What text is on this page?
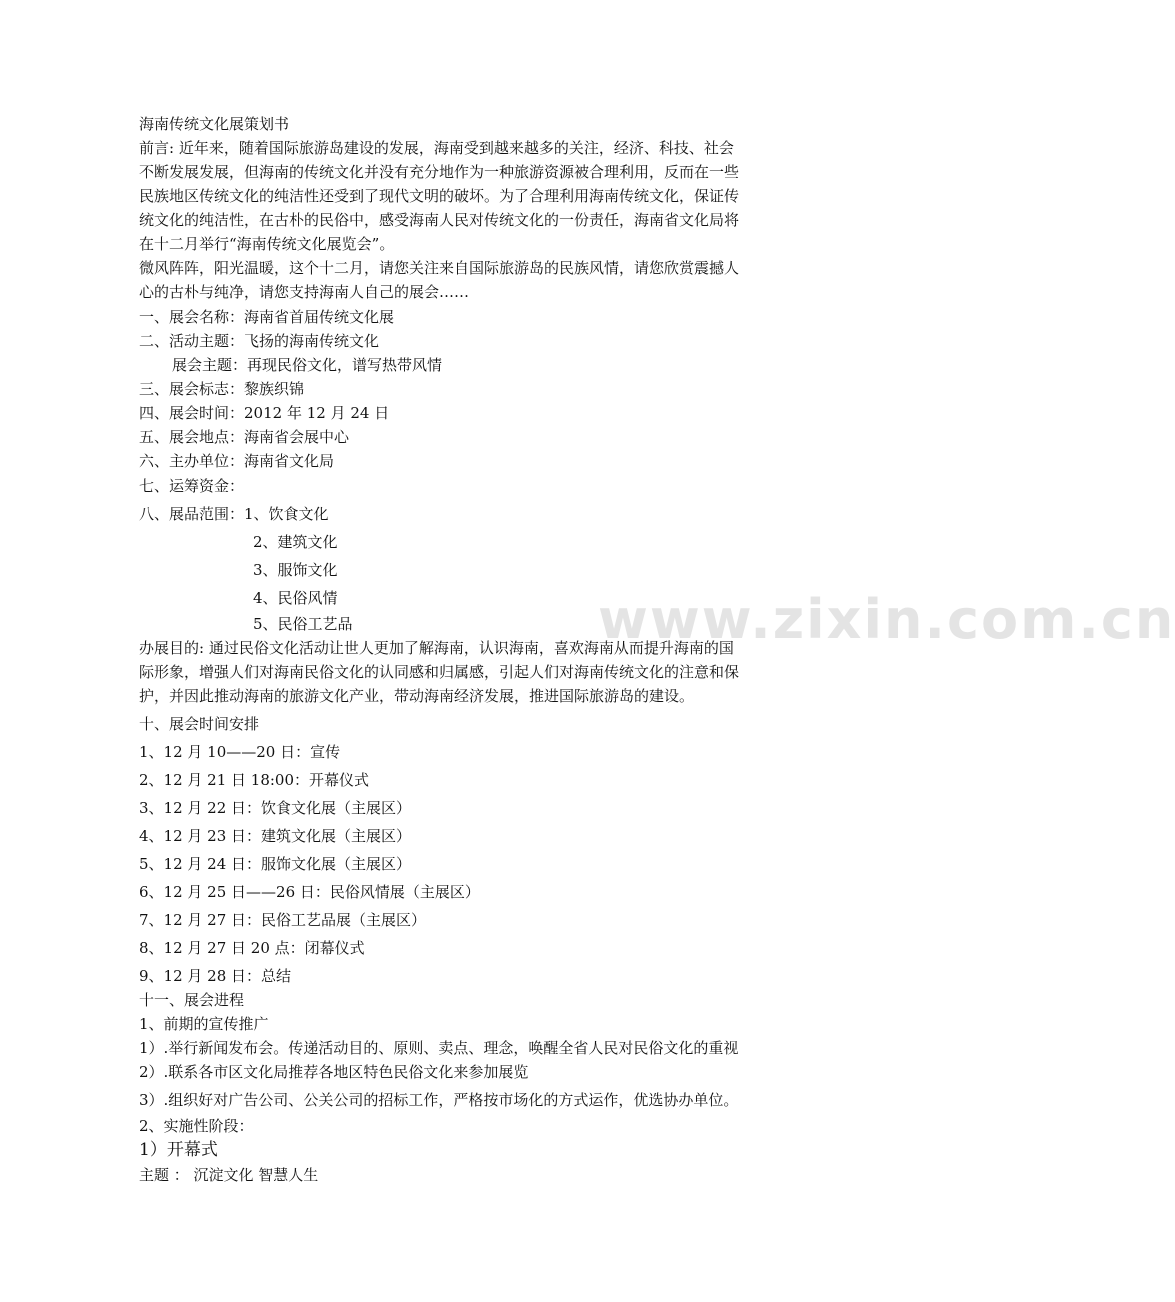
海南传统文化展策划书
前言: 近年来，随着国际旅游岛建设的发展，海南受到越来越多的关注，经济、科技、社会
不断发展发展，但海南的传统文化并没有充分地作为一种旅游资源被合理利用，反而在一些
民族地区传统文化的纯洁性还受到了现代文明的破坏。为了合理利用海南传统文化，保证传
统文化的纯洁性，在古朴的民俗中，感受海南人民对传统文化的一份责任，海南省文化局将
在十二月举行“海南传统文化展览会”。
微风阵阵，阳光温暖，这个十二月，请您关注来自国际旅游岛的民族风情，请您欣赏震撼人
心的古朴与纯净，请您支持海南人自己的展会……
一、展会名称：海南省首届传统文化展
二、活动主题：飞扬的海南传统文化
展会主题：再现民俗文化，谱写热带风情
三、展会标志：黎族织锦
四、展会时间：2012 年 12 月 24 日
五、展会地点：海南省会展中心
六、主办单位：海南省文化局
七、运筹资金：
八、展品范围：1、饮食文化
2、建筑文化
3、服饰文化
4、民俗风情
5、民俗工艺品
办展目的: 通过民俗文化活动让世人更加了解海南，认识海南，喜欢海南从而提升海南的国
际形象，增强人们对海南民俗文化的认同感和归属感，引起人们对海南传统文化的注意和保
护，并因此推动海南的旅游文化产业，带动海南经济发展，推进国际旅游岛的建设。
十、展会时间安排
1、12 月 10——20 日：宣传
2、12 月 21 日 18:00：开幕仪式
3、12 月 22 日：饮食文化展（主展区）
4、12 月 23 日：建筑文化展（主展区）
5、12 月 24 日：服饰文化展（主展区）
6、12 月 25 日——26 日：民俗风情展（主展区）
7、12 月 27 日：民俗工艺品展（主展区）
8、12 月 27 日 20 点：闭幕仪式
9、12 月 28 日：总结
十一、展会进程
1、前期的宣传推广
1）.举行新闻发布会。传递活动目的、原则、卖点、理念，唤醒全省人民对民俗文化的重视
2）.联系各市区文化局推荐各地区特色民俗文化来参加展览
3）.组织好对广告公司、公关公司的招标工作，严格按市场化的方式运作，优选协办单位。
2、实施性阶段：
1）开幕式
主题 ： 沉淀文化 智慧人生
www.zixin.com.cn
